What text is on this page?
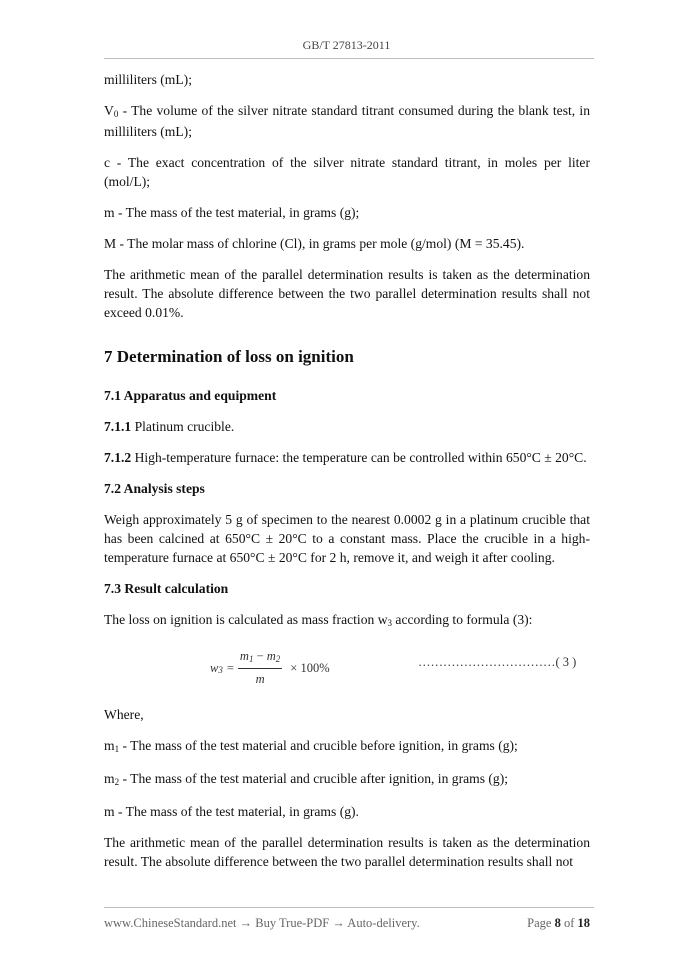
GB/T 27813-2011

milliliters (mL);

V0 - The volume of the silver nitrate standard titrant consumed during the blank test, in milliliters (mL);

c - The exact concentration of the silver nitrate standard titrant, in moles per liter (mol/L);

m - The mass of the test material, in grams (g);

M - The molar mass of chlorine (Cl), in grams per mole (g/mol) (M = 35.45).

The arithmetic mean of the parallel determination results is taken as the determination result. The absolute difference between the two parallel determination results shall not exceed 0.01%.

7 Determination of loss on ignition
7.1 Apparatus and equipment

7.1.1 Platinum crucible.

7.1.2 High-temperature furnace: the temperature can be controlled within 650°C ± 20°C.

7.2 Analysis steps

Weigh approximately 5 g of specimen to the nearest 0.0002 g in a platinum crucible that has been calcined at 650°C ± 20°C to a constant mass. Place the crucible in a high-temperature furnace at 650°C ± 20°C for 2 h, remove it, and weigh it after cooling.

7.3 Result calculation

The loss on ignition is calculated as mass fraction w3 according to formula (3):

w $3 = \frac{m1 - m2}{m} \times 100\%$	……………………………( 3 )

Where,

m1 - The mass of the test material and crucible before ignition, in grams (g);

m2 - The mass of the test material and crucible after ignition, in grams (g);

m - The mass of the test material, in grams (g).

The arithmetic mean of the parallel determination results is taken as the determination result. The absolute difference between the two parallel determination results shall not

www.ChineseStandard.net → Buy True-PDF → Auto-delivery.	Page 8 of 18
